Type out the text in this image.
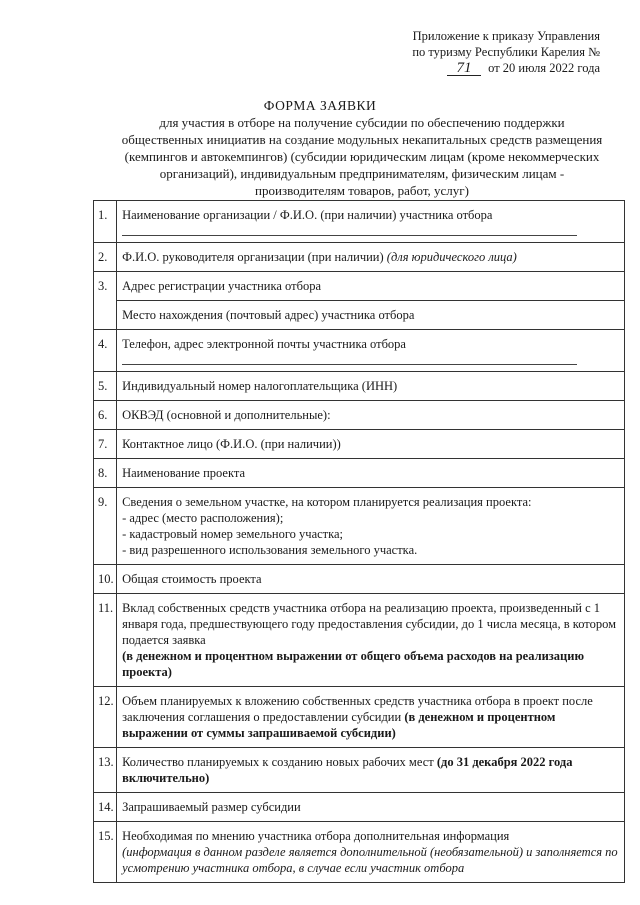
Приложение к приказу Управления
по туризму Республики Карелия №
71 от 20 июля 2022 года
ФОРМА ЗАЯВКИ
для участия в отборе на получение субсидии по обеспечению поддержки общественных инициатив на создание модульных некапитальных средств размещения (кемпингов и автокемпингов) (субсидии юридическим лицам (кроме некоммерческих организаций), индивидуальным предпринимателям, физическим лицам - производителям товаров, работ, услуг)
1.	Наименование организации / Ф.И.О. (при наличии) участника отбора

2.	Ф.И.О. руководителя организации (при наличии) (для юридического лица)
3.	Адрес регистрации участника отбора
	Место нахождения (почтовый адрес) участника отбора
4.	Телефон, адрес электронной почты участника отбора

5.	Индивидуальный номер налогоплательщика (ИНН)
6.	ОКВЭД (основной и дополнительные):
7.	Контактное лицо (Ф.И.О. (при наличии))
8.	Наименование проекта
9.	Сведения о земельном участке, на котором планируется реализация проекта:
- адрес (место расположения);
- кадастровый номер земельного участка;
- вид разрешенного использования земельного участка.

10.	Общая стоимость проекта
11.	Вклад собственных средств участника отбора на реализацию проекта, произведенный с 1 января года, предшествующего году предоставления субсидии, до 1 числа месяца, в котором подается заявка
(в денежном и процентном выражении от общего объема расходов на реализацию проекта)

12.	Объем планируемых к вложению собственных средств участника отбора в проект после заключения соглашения о предоставлении субсидии (в денежном и процентном выражении от суммы запрашиваемой субсидии)
13.	Количество планируемых к созданию новых рабочих мест (до 31 декабря 2022 года включительно)
14.	Запрашиваемый размер субсидии
15.	Необходимая по мнению участника отбора дополнительная информация
(информация в данном разделе является дополнительной (необязательной) и заполняется по усмотрению участника отбора, в случае если участник отбора
